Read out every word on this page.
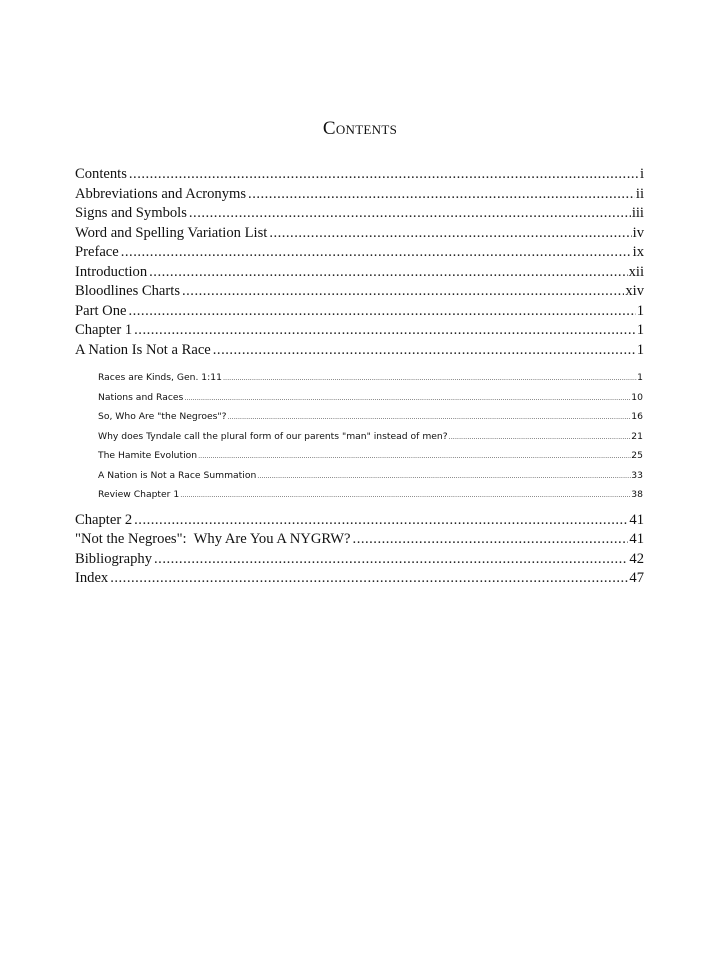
Contents
Contents .....	i
Abbreviations and Acronyms .....	ii
Signs and Symbols .....	iii
Word and Spelling Variation List .....	iv
Preface .....	ix
Introduction .....	xii
Bloodlines Charts .....	xiv
Part One .....	1
Chapter 1 .....	1
A Nation Is Not a Race .....	1
Races are Kinds, Gen. 1:11 .....	1
Nations and Races .....	10
So, Who Are "the Negroes"? .....	16
Why does Tyndale call the plural form of our parents "man" instead of men? .....	21
The Hamite Evolution .....	25
A Nation is Not a Race Summation .....	33
Review Chapter 1 .....	38
Chapter 2 .....	41
"Not the Negroes":  Why Are You A NYGRW? .....	41
Bibliography .....	42
Index .....	47
